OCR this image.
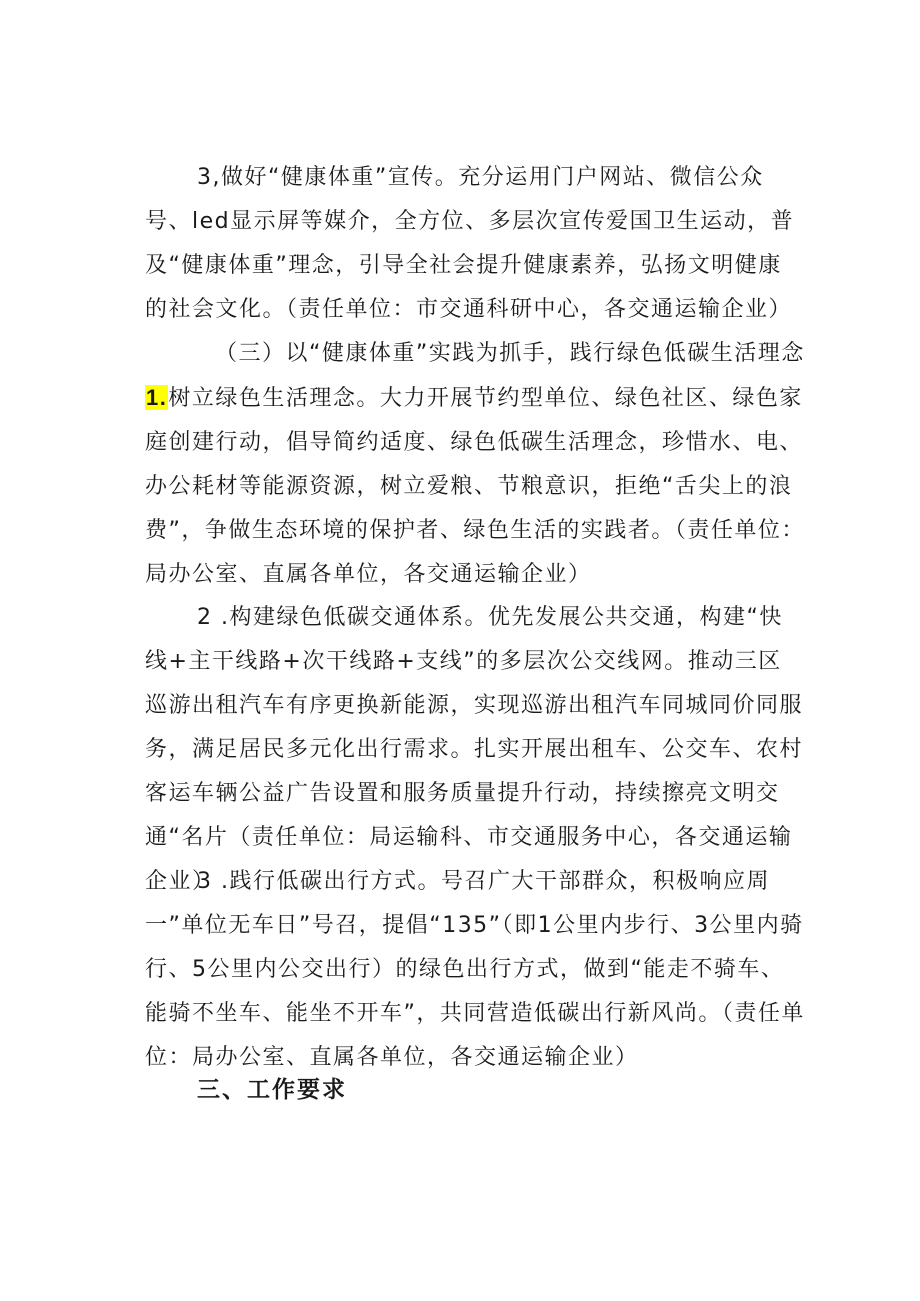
3,做好“健康体重”宣传。充分运用门户网站、微信公众号、led显示屏等媒介，全方位、多层次宣传爱国卫生运动，普及“健康体重”理念，引导全社会提升健康素养，弘扬文明健康的社会文化。（责任单位：市交通科研中心，各交通运输企业）

（三）以“健康体重”实践为抓手，践行绿色低碳生活理念

1.树立绿色生活理念。大力开展节约型单位、绿色社区、绿色家庭创建行动，倡导简约适度、绿色低碳生活理念，珍惜水、电、办公耗材等能源资源，树立爱粮、节粮意识，拒绝“舌尖上的浪费”，争做生态环境的保护者、绿色生活的实践者。（责任单位：局办公室、直属各单位，各交通运输企业）

2 .构建绿色低碳交通体系。优先发展公共交通，构建“快线+主干线路+次干线路+支线”的多层次公交线网。推动三区巡游出租汽车有序更换新能源，实现巡游出租汽车同城同价同服务，满足居民多元化出行需求。扎实开展出租车、公交车、农村客运车辆公益广告设置和服务质量提升行动，持续擦亮文明交通“名片（责任单位：局运输科、市交通服务中心，各交通运输企业）

3 .践行低碳出行方式。号召广大干部群众，积极响应周一”单位无车日”号召，提倡“135”（即1公里内步行、3公里内骑行、5公里内公交出行）的绿色出行方式，做到“能走不骑车、能骑不坐车、能坐不开车”，共同营造低碳出行新风尚。（责任单位：局办公室、直属各单位，各交通运输企业）

三、工作要求
